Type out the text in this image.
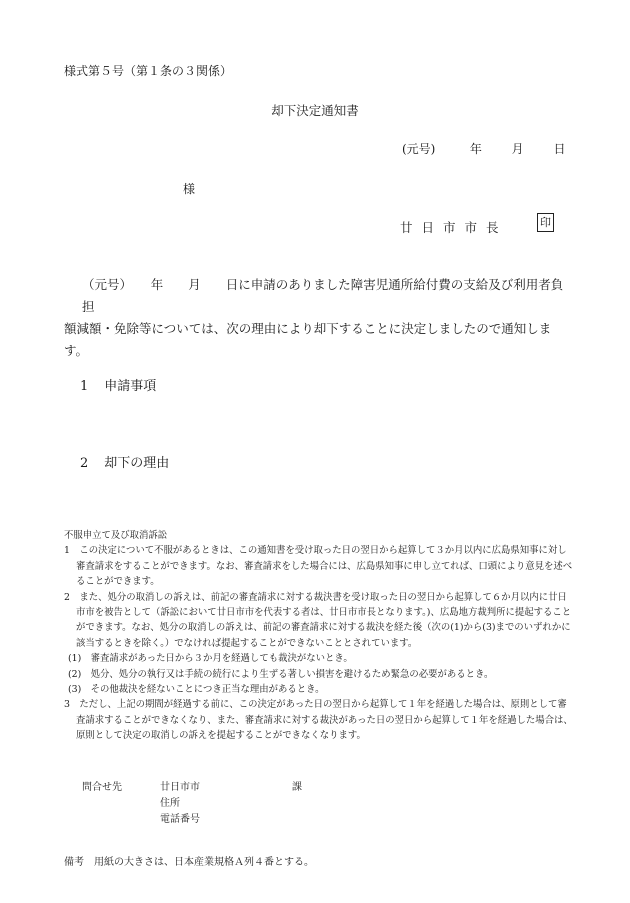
様式第５号（第１条の３関係）
却下決定通知書
(元号)	年 月 日
様
廿日市市長	印
（元号）　　年　　月　　日に申請のありました障害児通所給付費の支給及び利用者負担
額減額・免除等については、次の理由により却下することに決定しましたので通知します。
1 申請事項
2 却下の理由
不服申立て及び取消訴訟
1　この決定について不服があるときは、この通知書を受け取った日の翌日から起算して３か月以内に広島県知事に対し審査請求をすることができます。なお、審査請求をした場合には、広島県知事に申し立てれば、口頭により意見を述べることができます。
2　また、処分の取消しの訴えは、前記の審査請求に対する裁決書を受け取った日の翌日から起算して６か月以内に廿日市市を被告として（訴訟において廿日市市を代表する者は、廿日市市長となります。)、広島地方裁判所に提起することができます。なお、処分の取消しの訴えは、前記の審査請求に対する裁決を経た後（次の(1)から(3)までのいずれかに該当するときを除く。）でなければ提起することができないこととされています。
(1)　審査請求があった日から３か月を経過しても裁決がないとき。
(2)　処分、処分の執行又は手続の続行により生ずる著しい損害を避けるため緊急の必要があるとき。
(3)　その他裁決を経ないことにつき正当な理由があるとき。
3　ただし、上記の期間が経過する前に、この決定があった日の翌日から起算して１年を経過した場合は、原則として審査請求することができなくなり、また、審査請求に対する裁決があった日の翌日から起算して１年を経過した場合は、原則として決定の取消しの訴えを提起することができなくなります。
問合せ先	廿日市市	課
住所
電話番号
備考　用紙の大きさは、日本産業規格Ａ列４番とする。
